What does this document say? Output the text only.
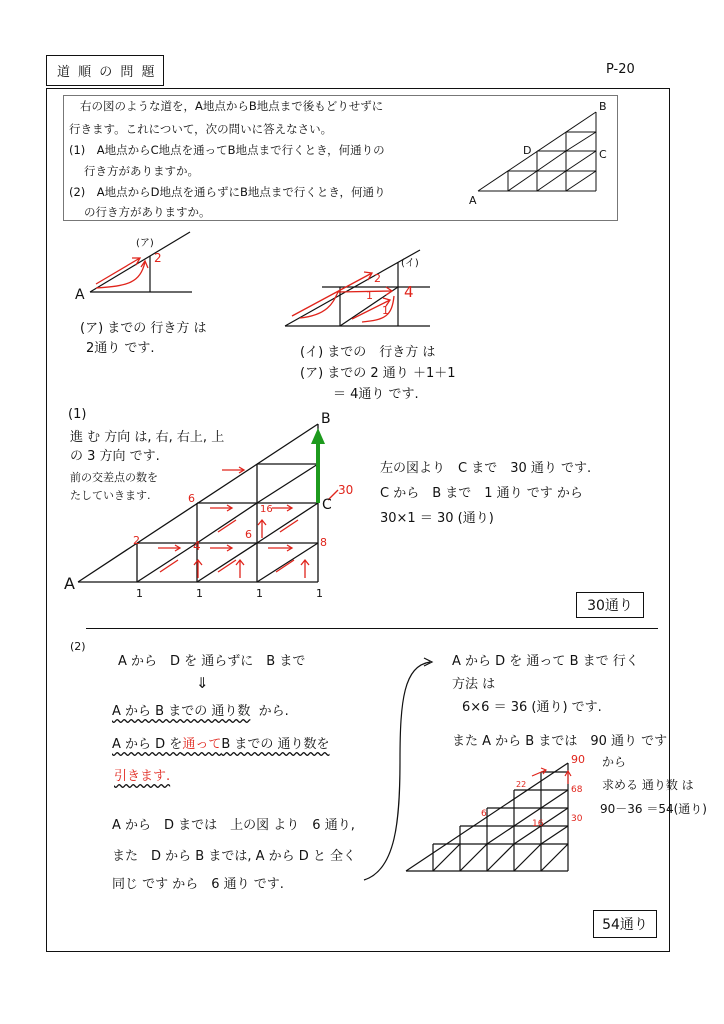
道 順 の 問 題	P-20
右の図のような道を，A地点からB地点まで後もどりせずに
行きます。これについて，次の問いに答えなさい。
(1)　A地点からC地点を通ってB地点まで行くとき，何通りの
行き方がありますか。
(2)　A地点からD地点を通らずにB地点まで行くとき，何通り
の行き方がありますか。
B
D	C
A
A
(ア)
2	(イ)
2
1
1
4
(ア) までの 行き方 は
2通り です.	(イ) までの　行き方 は
(ア) までの 2 通り ＋1＋1
＝ 4通り です.
(1)
進 む 方向 は, 右, 右上, 上
の 3 方向 です.
前の交差点の数を
たしていきます.
A
B
C
2	4
6
16
6
8
30
1	1	1	1
左の図より　C まで　30 通り です.
C から　B まで　1 通り です から
30×1 ＝ 30 (通り)
30通り
(2)
A から　D を 通らずに　B まで
⇓
A から B までの 通り数 から.
A から D を通ってB までの 通り数を
引きます.
A から　D までは　上の図 より　6 通り,
また　D から B までは, A から D と 全く
同じ です から　6 通り です.
A から D を 通って B まで 行く
方法 は
6×6 ＝ 36 (通り) です.
また A から B までは　90 通り です
から
求める 通り数 は
90－36 ＝54(通り)
90
22
68
6
16	30
54通り
